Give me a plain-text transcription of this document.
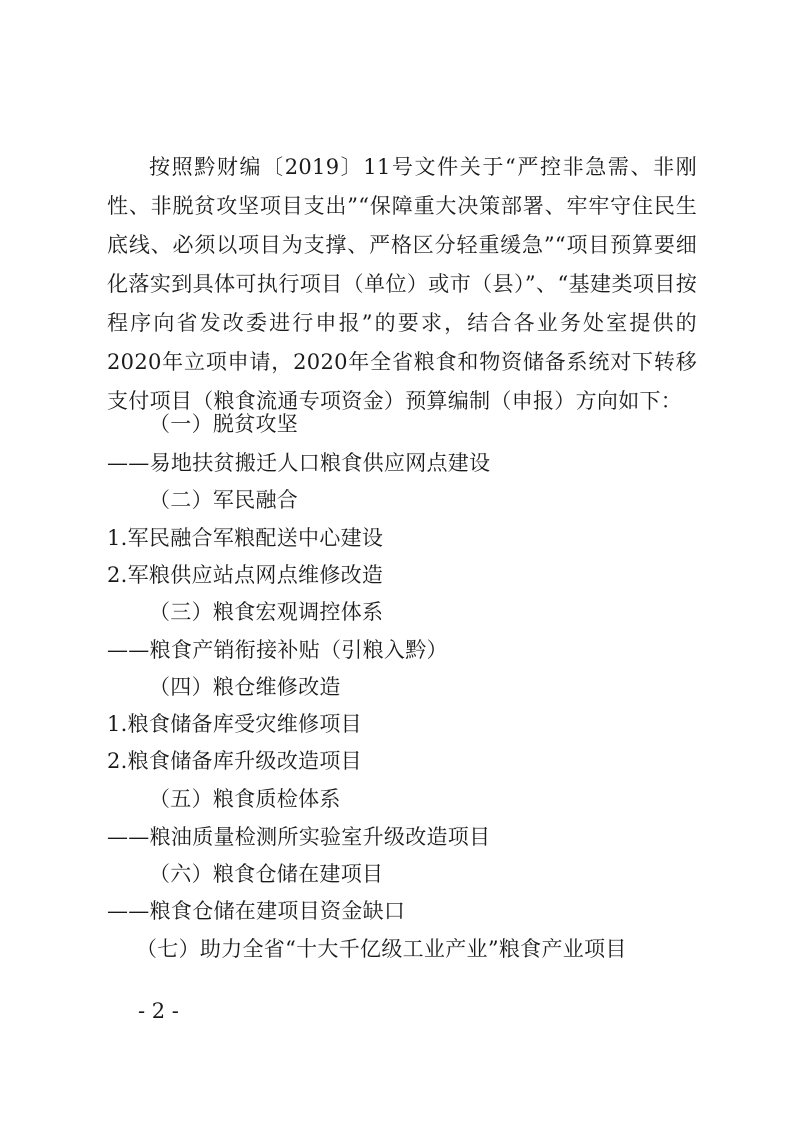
按照黔财编〔2019〕11号文件关于“严控非急需、非刚性、非脱贫攻坚项目支出”“保障重大决策部署、牢牢守住民生底线、必须以项目为支撑、严格区分轻重缓急”“项目预算要细化落实到具体可执行项目（单位）或市（县）”、“基建类项目按程序向省发改委进行申报”的要求，结合各业务处室提供的2020年立项申请，2020年全省粮食和物资储备系统对下转移支付项目（粮食流通专项资金）预算编制（申报）方向如下：

（一）脱贫攻坚

——易地扶贫搬迁人口粮食供应网点建设

（二）军民融合

1.军民融合军粮配送中心建设

2.军粮供应站点网点维修改造

（三）粮食宏观调控体系

——粮食产销衔接补贴（引粮入黔）

（四）粮仓维修改造

1.粮食储备库受灾维修项目

2.粮食储备库升级改造项目

（五）粮食质检体系

——粮油质量检测所实验室升级改造项目

（六）粮食仓储在建项目

——粮食仓储在建项目资金缺口

（七）助力全省“十大千亿级工业产业”粮食产业项目

- 2 -
